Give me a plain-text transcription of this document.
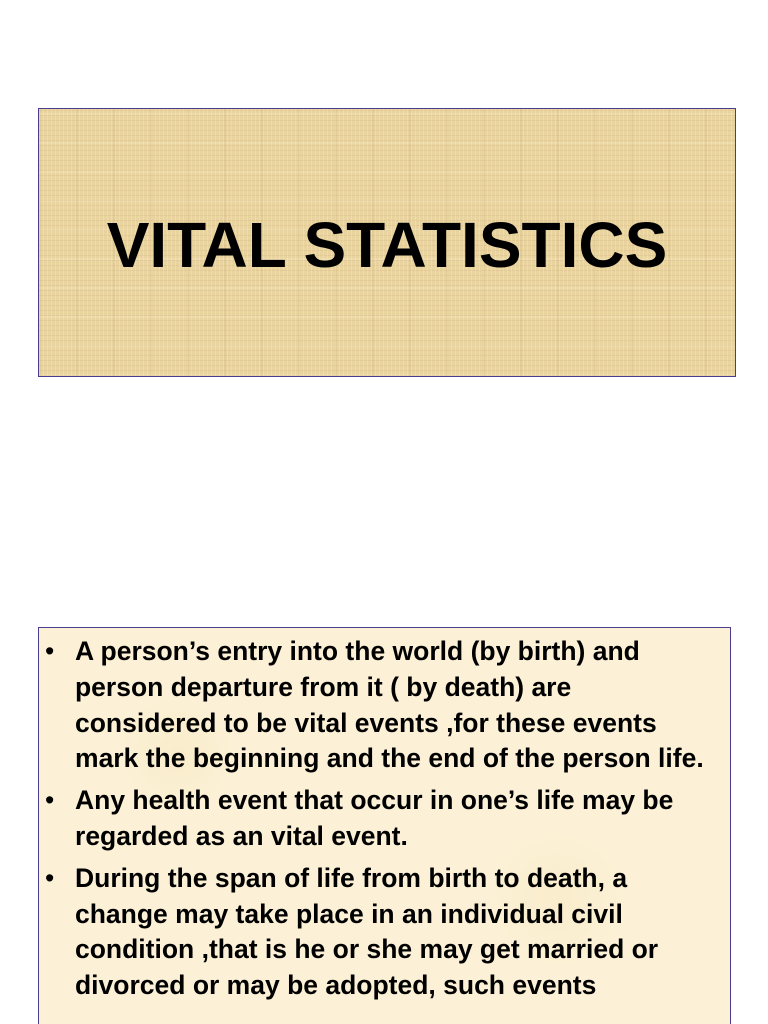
VITAL STATISTICS
• A person’s entry into the world (by birth) and person departure from it ( by death) are considered to be vital events ,for these events mark the beginning and the end of the person life.
• Any health event that occur in one’s life may be regarded as an vital event.
• During the span of life from birth to death, a change may take place in an individual civil condition ,that is he or she may get married or divorced or may be adopted, such events
